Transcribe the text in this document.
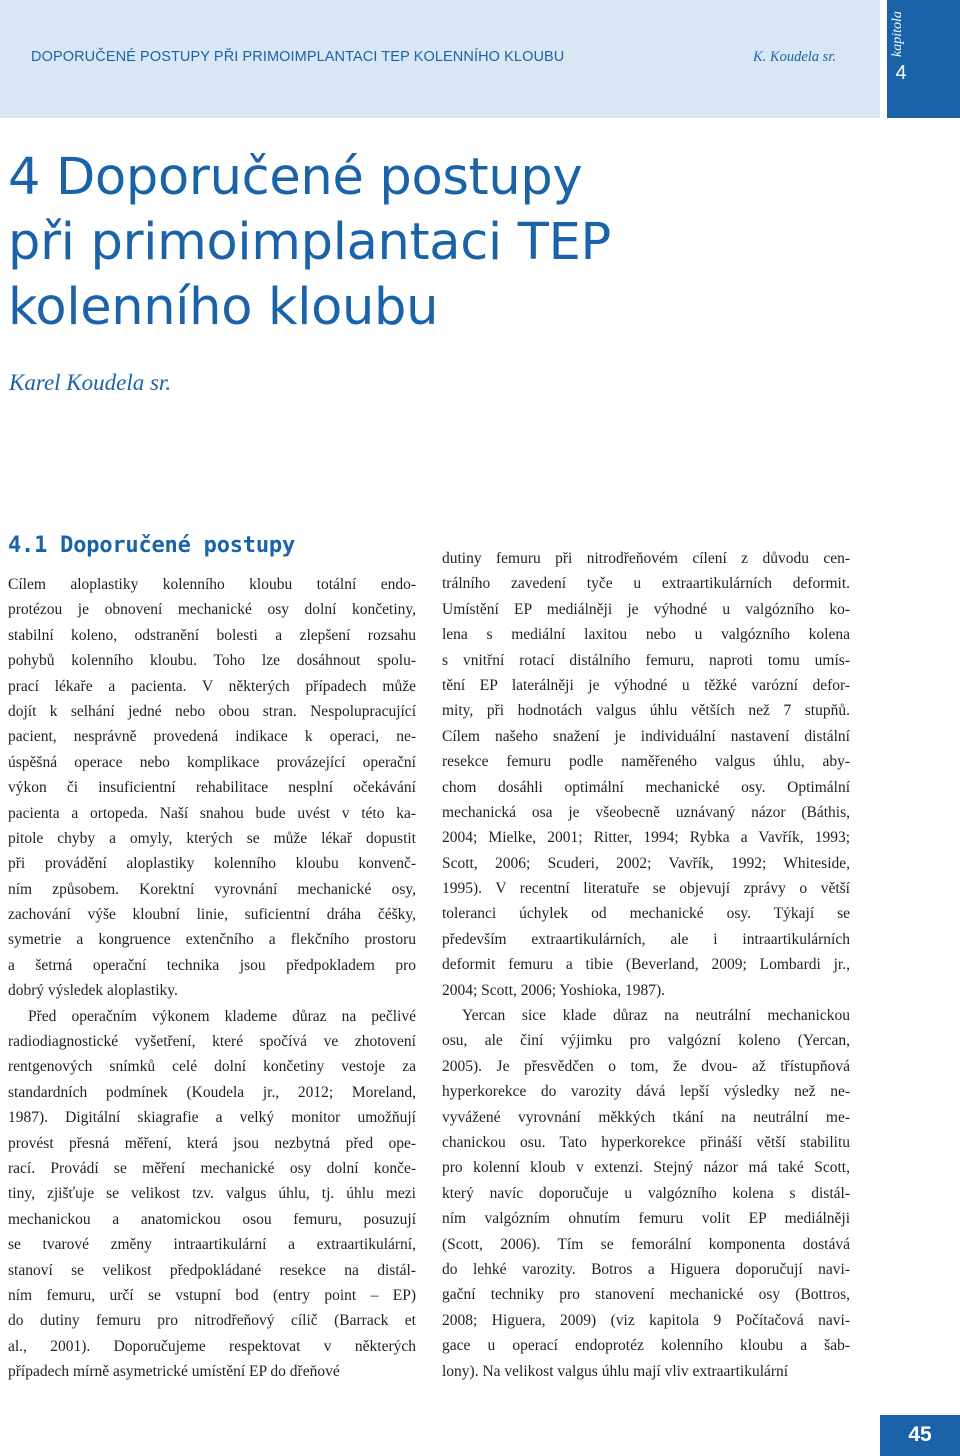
DOPORUČENÉ POSTUPY PŘI PRIMOIMPLANTACI TEP KOLENNÍHO KLOUBU	K. Koudela sr.	kapitola
4
4 Doporučené postupy
při primoimplantaci TEP
kolenního kloubu
Karel Koudela sr.
4.1 Doporučené postupy
Cílem aloplastiky kolenního kloubu totální endo-
protézou je obnovení mechanické osy dolní končetiny,
stabilní koleno, odstranění bolesti a zlepšení rozsahu
pohybů kolenního kloubu. Toho lze dosáhnout spolu-
prací lékaře a pacienta. V některých případech může
dojít k selhání jedné nebo obou stran. Nespolupracující
pacient, nesprávně provedená indikace k operaci, ne-
úspěšná operace nebo komplikace provázející operační
výkon či insuficientní rehabilitace nesplní očekávání
pacienta a ortopeda. Naší snahou bude uvést v této ka-
pitole chyby a omyly, kterých se může lékař dopustit
při provádění aloplastiky kolenního kloubu konvenč-
ním způsobem. Korektní vyrovnání mechanické osy,
zachování výše kloubní linie, suficientní dráha čéšky,
symetrie a kongruence extenčního a flekčního prostoru
a šetrná operační technika jsou předpokladem pro
dobrý výsledek aloplastiky.
Před operačním výkonem klademe důraz na pečlivé
radiodiagnostické vyšetření, které spočívá ve zhotovení
rentgenových snímků celé dolní končetiny vestoje za
standardních podmínek (Koudela jr., 2012; Moreland,
1987). Digitální skiagrafie a velký monitor umožňují
provést přesná měření, která jsou nezbytná před ope-
rací. Provádí se měření mechanické osy dolní konče-
tiny, zjišťuje se velikost tzv. valgus úhlu, tj. úhlu mezi
mechanickou a anatomickou osou femuru, posuzují
se tvarové změny intraartikulární a extraartikulární,
stanoví se velikost předpokládané resekce na distál-
ním femuru, určí se vstupní bod (entry point – EP)
do dutiny femuru pro nitrodřeňový cílič (Barrack et
al., 2001). Doporučujeme respektovat v některých
případech mírně asymetrické umístění EP do dřeňové
dutiny femuru při nitrodřeňovém cílení z důvodu cen-
trálního zavedení tyče u extraartikulárních deformit.
Umístění EP mediálněji je výhodné u valgózního ko-
lena s mediální laxitou nebo u valgózního kolena
s vnitřní rotací distálního femuru, naproti tomu umís-
tění EP laterálněji je výhodné u těžké varózní defor-
mity, při hodnotách valgus úhlu větších než 7 stupňů.
Cílem našeho snažení je individuální nastavení distální
resekce femuru podle naměřeného valgus úhlu, aby-
chom dosáhli optimální mechanické osy. Optimální
mechanická osa je všeobecně uznávaný názor (Báthis,
2004; Mielke, 2001; Ritter, 1994; Rybka a Vavřík, 1993;
Scott, 2006; Scuderi, 2002; Vavřík, 1992; Whiteside,
1995). V recentní literatuře se objevují zprávy o větší
toleranci úchylek od mechanické osy. Týkají se
především extraartikulárních, ale i intraartikulárních
deformit femuru a tibie (Beverland, 2009; Lombardi jr.,
2004; Scott, 2006; Yoshioka, 1987).
Yercan sice klade důraz na neutrální mechanickou
osu, ale činí výjimku pro valgózní koleno (Yercan,
2005). Je přesvědčen o tom, že dvou- až třístupňová
hyperkorekce do varozity dává lepší výsledky než ne-
vyvážené vyrovnání měkkých tkání na neutrální me-
chanickou osu. Tato hyperkorekce přináší větší stabilitu
pro kolenní kloub v extenzi. Stejný názor má také Scott,
který navíc doporučuje u valgózního kolena s distál-
ním valgózním ohnutím femuru volit EP mediálněji
(Scott, 2006). Tím se femorální komponenta dostává
do lehké varozity. Botros a Higuera doporučují navi-
gační techniky pro stanovení mechanické osy (Bottros,
2008; Higuera, 2009) (viz kapitola 9 Počítačová navi-
gace u operací endoprotéz kolenního kloubu a šab-
lony). Na velikost valgus úhlu mají vliv extraartikulární
45
